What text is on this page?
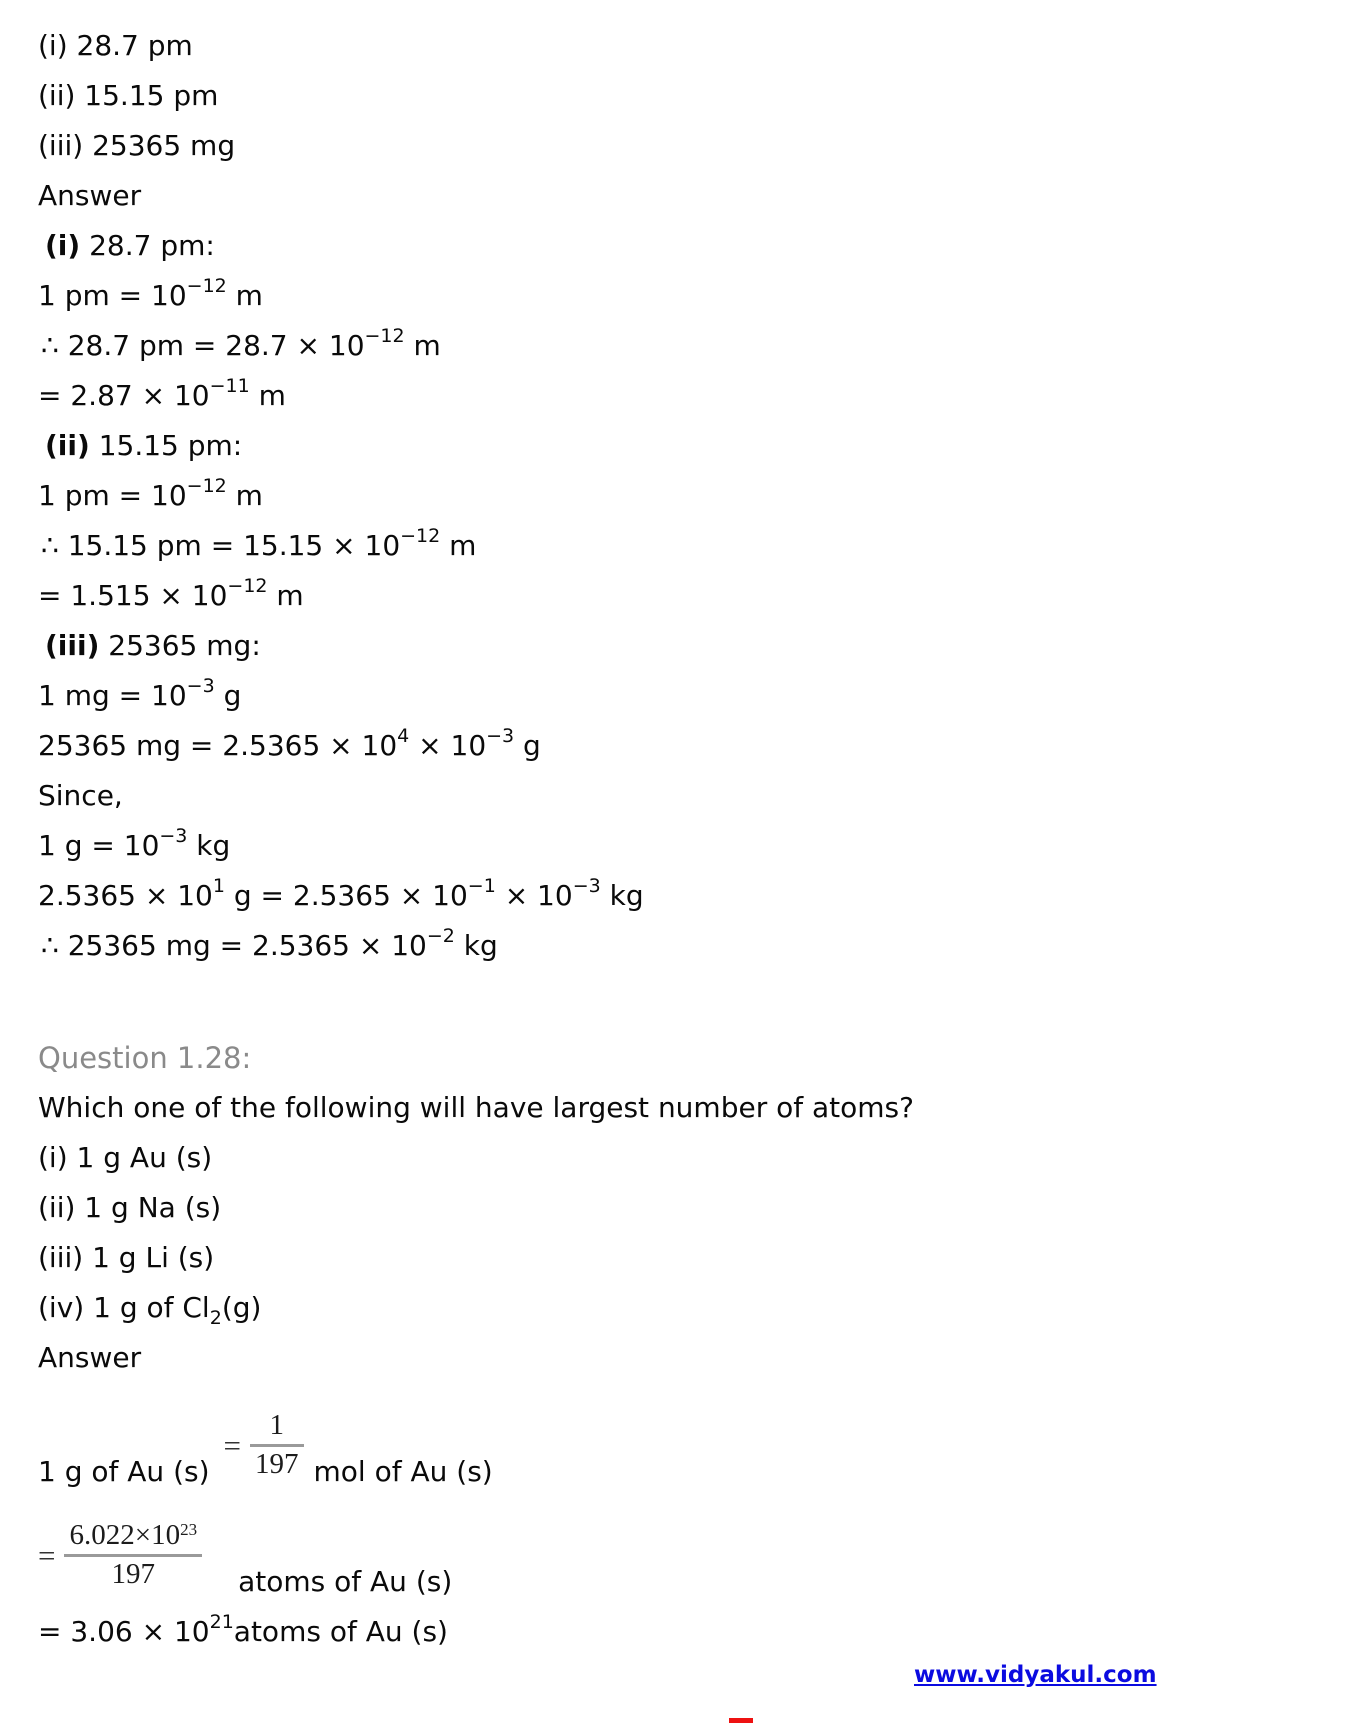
(i) 28.7 pm
(ii) 15.15 pm
(iii) 25365 mg
Answer
(i) 28.7 pm:
1 pm = $10^{-12}$ m
∴ 28.7 pm = $28.7 \times 10^{-12}$ m
= $2.87 \times 10^{-11}$ m
(ii) 15.15 pm:
1 pm = $10^{-12}$ m
∴ 15.15 pm = $15.15 \times 10^{-12}$ m
= $1.515 \times 10^{-12}$ m
(iii) 25365 mg:
1 mg = $10^{-3}$ g
25365 mg = $2.5365 \times 10^4 \times 10^{-3}$ g
Since,
1 $g = 10^{-3}$ kg
$2.5365 \times 10^1$ $g = 2.5365 \times 10^{-1} \times 10^{-3}$ kg
∴ 25365 mg = $2.5365 \times 10^{-2}$ kg
Question 1.28:
Which one of the following will have largest number of atoms?
(i) 1 g Au (s)
(ii) 1 g Na (s)
(iii) 1 g Li (s)
(iv) 1 g of $Cl_2(g)$
Answer
1 g of Au (s)
= $\frac{1}{197}$ mol of Au (s)
= $\frac{6.022\times 10^{23}}{197}$ atoms of Au (s)
= $3.06 \times 10^{21}atoms$ of Au (s)
www.vidyakul.com
